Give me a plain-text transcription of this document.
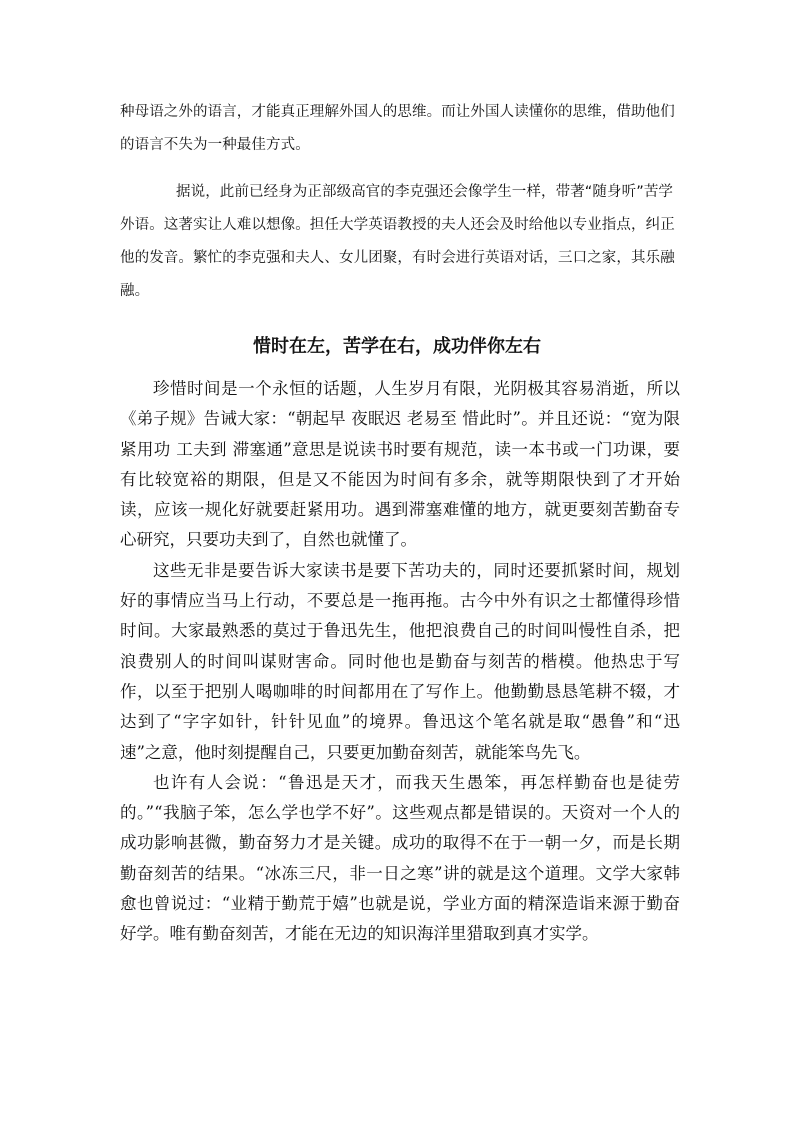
种母语之外的语言，才能真正理解外国人的思维。而让外国人读懂你的思维，借助他们的语言不失为一种最佳方式。

据说，此前已经身为正部级高官的李克强还会像学生一样，带著“随身听”苦学外语。这著实让人难以想像。担任大学英语教授的夫人还会及时给他以专业指点，纠正他的发音。繁忙的李克强和夫人、女儿团聚，有时会进行英语对话，三口之家，其乐融融。

惜时在左，苦学在右，成功伴你左右

珍惜时间是一个永恒的话题，人生岁月有限，光阴极其容易消逝，所以《弟子规》告诫大家：“朝起早 夜眠迟 老易至 惜此时”。并且还说：“宽为限 紧用功 工夫到 滞塞通”意思是说读书时要有规范，读一本书或一门功课，要有比较宽裕的期限，但是又不能因为时间有多余，就等期限快到了才开始读，应该一规化好就要赶紧用功。遇到滞塞难懂的地方，就更要刻苦勤奋专心研究，只要功夫到了，自然也就懂了。

这些无非是要告诉大家读书是要下苦功夫的，同时还要抓紧时间，规划好的事情应当马上行动，不要总是一拖再拖。古今中外有识之士都懂得珍惜时间。大家最熟悉的莫过于鲁迅先生，他把浪费自己的时间叫慢性自杀，把浪费别人的时间叫谋财害命。同时他也是勤奋与刻苦的楷模。他热忠于写作，以至于把别人喝咖啡的时间都用在了写作上。他勤勤恳恳笔耕不辍，才达到了“字字如针，针针见血”的境界。鲁迅这个笔名就是取“愚鲁”和“迅速”之意，他时刻提醒自己，只要更加勤奋刻苦，就能笨鸟先飞。

也许有人会说：“鲁迅是天才，而我天生愚笨，再怎样勤奋也是徒劳的。”“我脑子笨，怎么学也学不好”。这些观点都是错误的。天资对一个人的成功影响甚微，勤奋努力才是关键。成功的取得不在于一朝一夕，而是长期勤奋刻苦的结果。“冰冻三尺，非一日之寒”讲的就是这个道理。文学大家韩愈也曾说过：“业精于勤荒于嬉”也就是说，学业方面的精深造诣来源于勤奋好学。唯有勤奋刻苦，才能在无边的知识海洋里猎取到真才实学。
